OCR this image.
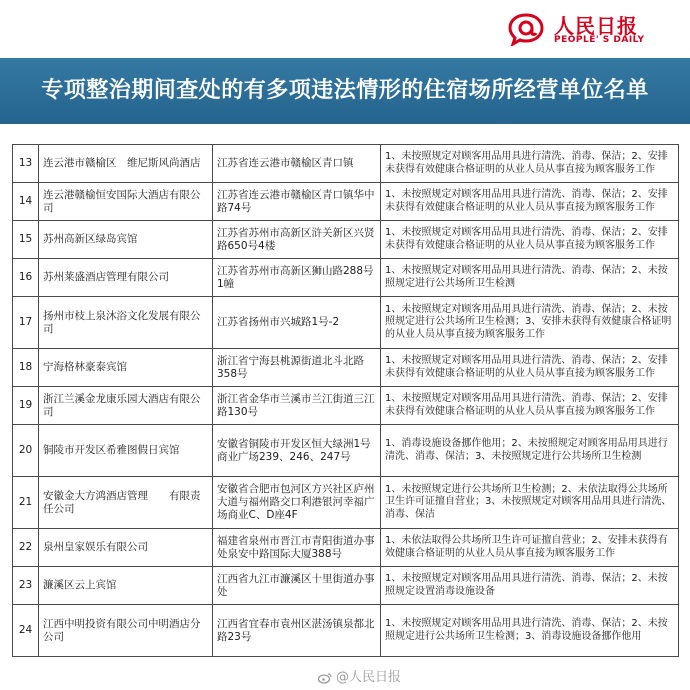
人民日报
PEOPLE' S DAILY
专项整治期间查处的有多项违法情形的住宿场所经营单位名单
13	连云港市赣榆区　维尼斯风尚酒店	江苏省连云港市赣榆区青口镇	1、未按照规定对顾客用品用具进行清洗、消毒、保洁；2、安排未获得有效健康合格证明的从业人员从事直接为顾客服务工作
14	连云港赣榆恒安国际大酒店有限公司	江苏省连云港市赣榆区青口镇华中路74号	1、未按照规定对顾客用品用具进行清洗、消毒、保洁；2、安排未获得有效健康合格证明的从业人员从事直接为顾客服务工作
15	苏州高新区绿岛宾馆	江苏省苏州市高新区浒关新区兴贤路650号4楼	1、未按照规定对顾客用品用具进行清洗、消毒、保洁；2、安排未获得有效健康合格证明的从业人员从事直接为顾客服务工作
16	苏州莱盛酒店管理有限公司	江苏省苏州市高新区狮山路288号1幢	1、未按照规定对顾客用品用具进行清洗、消毒、保洁；2、未按照规定进行公共场所卫生检测
17	扬州市枝上泉沐浴文化发展有限公司	江苏省扬州市兴城路1号-2	1、未按照规定对顾客用品用具进行清洗、消毒、保洁；2、未按照规定进行公共场所卫生检测；3、安排未获得有效健康合格证明的从业人员从事直接为顾客服务工作
18	宁海格林豪泰宾馆	浙江省宁海县桃源街道北斗北路358号	1、未按照规定对顾客用品用具进行清洗、消毒、保洁；2、安排未获得有效健康合格证明的从业人员从事直接为顾客服务工作
19	浙江兰溪金龙康乐园大酒店有限公司	浙江省金华市兰溪市兰江街道三江路130号	1、未按照规定对顾客用品用具进行清洗、消毒、保洁；2、安排未获得有效健康合格证明的从业人员从事直接为顾客服务工作
20	铜陵市开发区希雅图假日宾馆	安徽省铜陵市开发区恒大绿洲1号 商业广场239、246、247号	1、消毒设施设备挪作他用；2、未按照规定对顾客用品用具进行清洗、消毒、保洁；3、未按照规定进行公共场所卫生检测
21	安徽金大方鸿酒店管理　　有限责任公司	安徽省合肥市包河区方兴社区庐州大道与福州路交口利港银河幸福广场商业C、D座4F	1、未按照规定进行公共场所卫生检测；2、未依法取得公共场所卫生许可证擅自营业；3、未按照规定对顾客用品用具进行清洗、消毒、保洁
22	泉州皇家娱乐有限公司	福建省泉州市晋江市青阳街道办事处泉安中路国际大厦388号	1、未依法取得公共场所卫生许可证擅自营业；2、安排未获得有效健康合格证明的从业人员从事直接为顾客服务工作
23	濂溪区云上宾馆	江西省九江市濂溪区十里街道办事处	1、未按照规定对顾客用品用具进行清洗、消毒、保洁；2、未按照规定设置消毒设施设备
24	江西中明投资有限公司中明酒店分公司	江西省宜春市袁州区湛汤镇泉都北路23号	1、未按照规定对顾客用品用具进行清洗、消毒、保洁；2、未按照规定进行公共场所卫生检测；3、消毒设施设备挪作他用
@人民日报
